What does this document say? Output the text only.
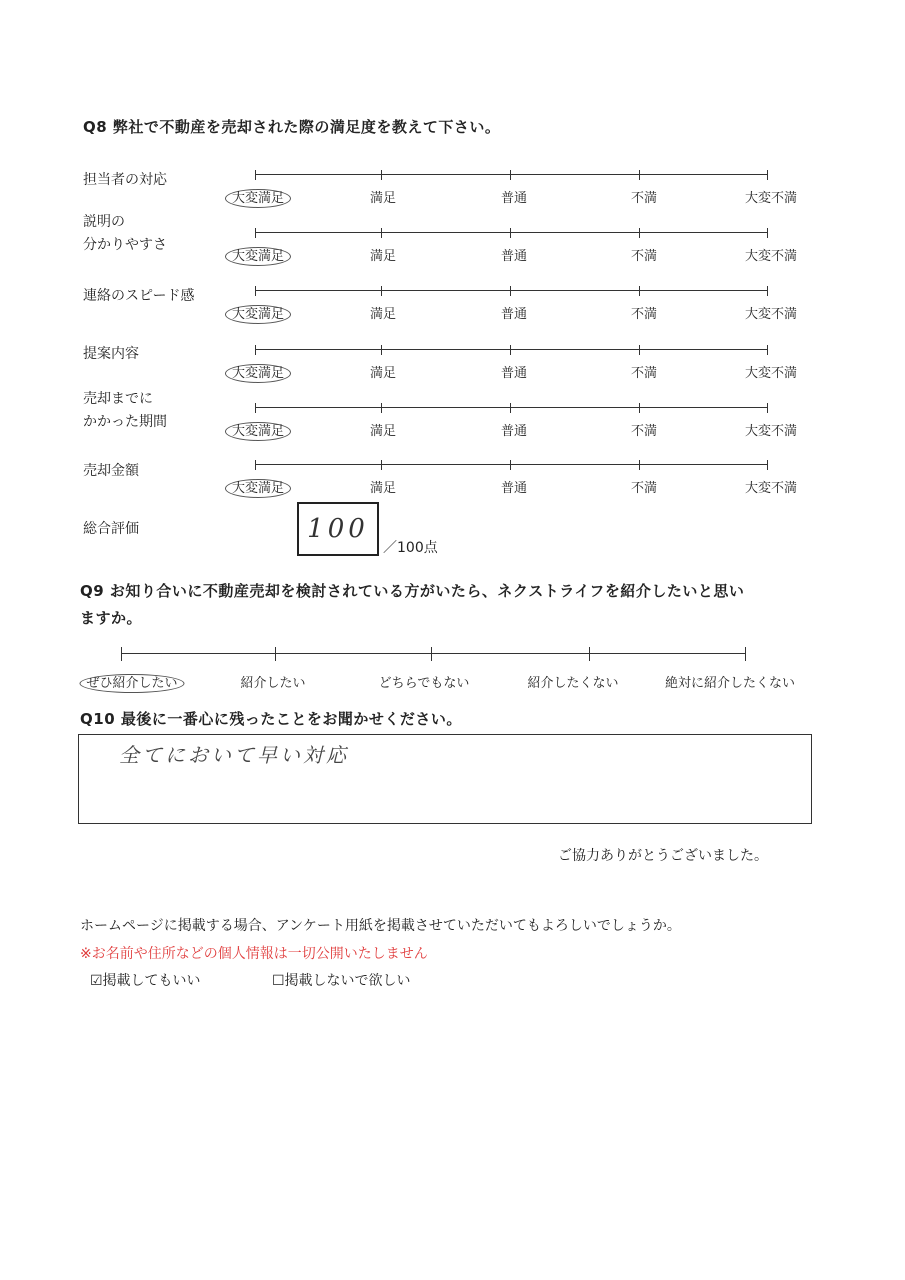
Q8 弊社で不動産を売却された際の満足度を教えて下さい。
担当者の対応
大変満足	満足	普通	不満	大変不満
説明の
分かりやすさ
大変満足	満足	普通	不満	大変不満
連絡のスピード感
大変満足	満足	普通	不満	大変不満
提案内容
大変満足	満足	普通	不満	大変不満
売却までに
かかった期間
大変満足	満足	普通	不満	大変不満
売却金額
大変満足	満足	普通	不満	大変不満
総合評価	100
／100点
Q9 お知り合いに不動産売却を検討されている方がいたら、ネクストライフを紹介したいと思い
ますか。
ぜひ紹介したい	紹介したい	どちらでもない	紹介したくない	絶対に紹介したくない
Q10 最後に一番心に残ったことをお聞かせください。
全てにおいて早い対応
ご協力ありがとうございました。
ホームページに掲載する場合、アンケート用紙を掲載させていただいてもよろしいでしょうか。
※お名前や住所などの個人情報は一切公開いたしません
☑掲載してもいい	☐掲載しないで欲しい
